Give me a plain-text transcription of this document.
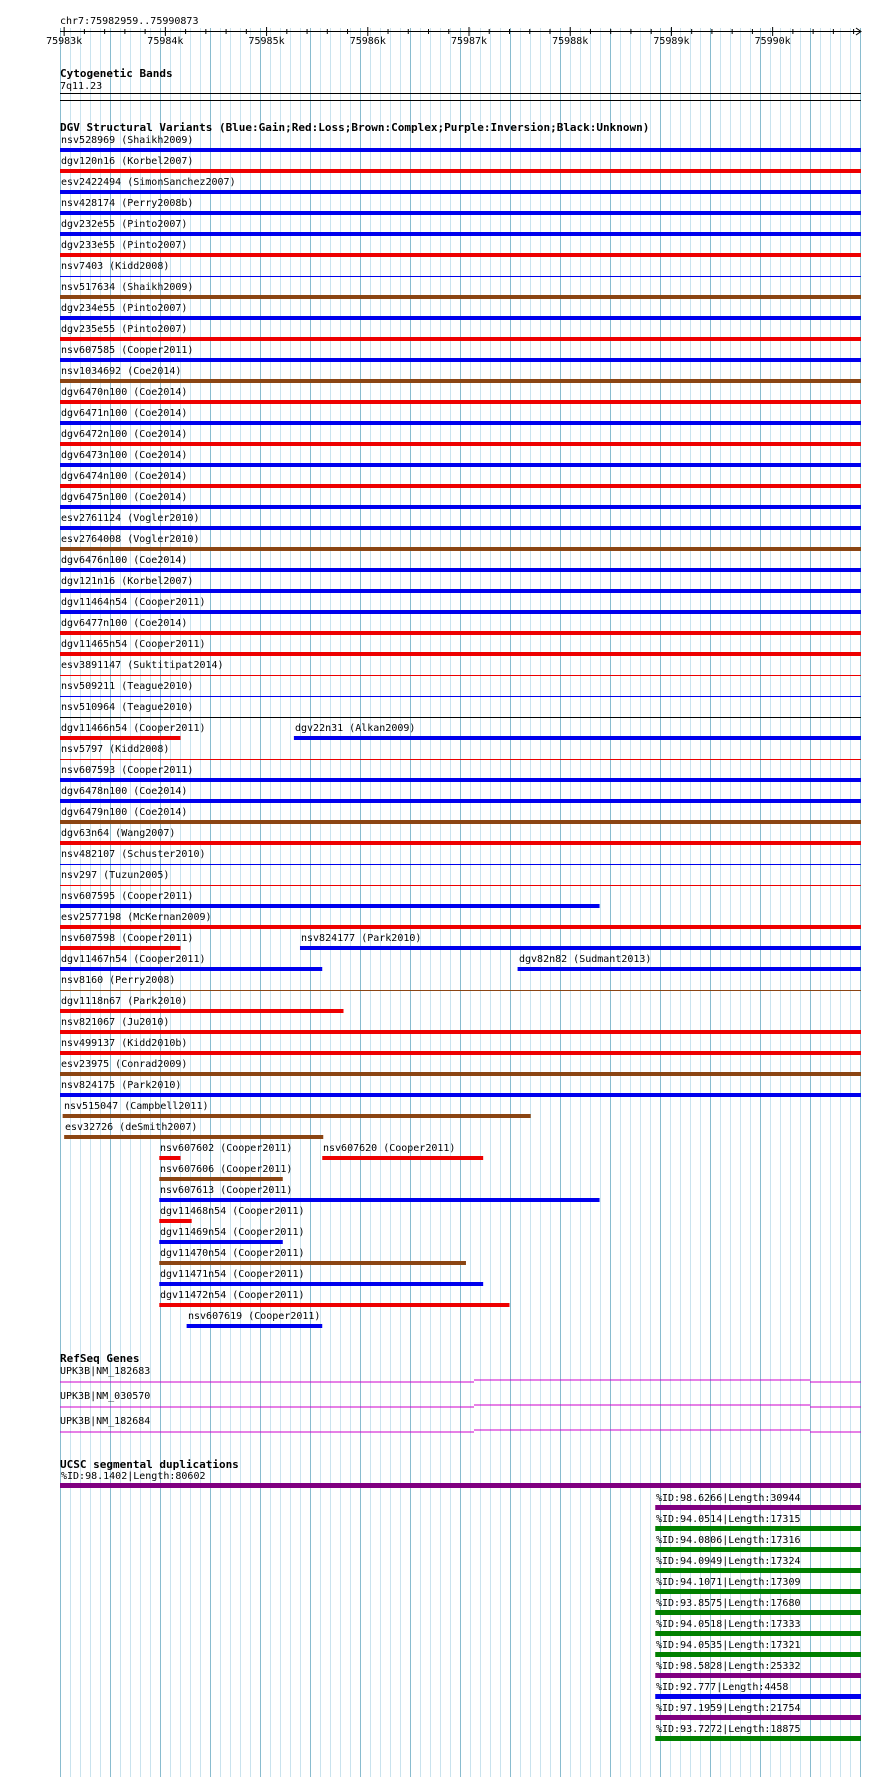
chr7:75982959..75990873
75983k	75984k	75985k	75986k	75987k	75988k	75989k	75990k
Cytogenetic Bands
7q11.23
DGV Structural Variants (Blue:Gain;Red:Loss;Brown:Complex;Purple:Inversion;Black:Unknown)
nsv528969 (Shaikh2009)
dgv120n16 (Korbel2007)
esv2422494 (SimonSanchez2007)
nsv428174 (Perry2008b)
dgv232e55 (Pinto2007)
dgv233e55 (Pinto2007)
nsv7403 (Kidd2008)
nsv517634 (Shaikh2009)
dgv234e55 (Pinto2007)
dgv235e55 (Pinto2007)
nsv607585 (Cooper2011)
nsv1034692 (Coe2014)
dgv6470n100 (Coe2014)
dgv6471n100 (Coe2014)
dgv6472n100 (Coe2014)
dgv6473n100 (Coe2014)
dgv6474n100 (Coe2014)
dgv6475n100 (Coe2014)
esv2761124 (Vogler2010)
esv2764008 (Vogler2010)
dgv6476n100 (Coe2014)
dgv121n16 (Korbel2007)
dgv11464n54 (Cooper2011)
dgv6477n100 (Coe2014)
dgv11465n54 (Cooper2011)
esv3891147 (Suktitipat2014)
nsv509211 (Teague2010)
nsv510964 (Teague2010)
dgv11466n54 (Cooper2011)	dgv22n31 (Alkan2009)
nsv5797 (Kidd2008)
nsv607593 (Cooper2011)
dgv6478n100 (Coe2014)
dgv6479n100 (Coe2014)
dgv63n64 (Wang2007)
nsv482107 (Schuster2010)
nsv297 (Tuzun2005)
nsv607595 (Cooper2011)
esv2577198 (McKernan2009)
nsv607598 (Cooper2011)	nsv824177 (Park2010)
dgv11467n54 (Cooper2011)	dgv82n82 (Sudmant2013)
nsv8160 (Perry2008)
dgv1118n67 (Park2010)
nsv821067 (Ju2010)
nsv499137 (Kidd2010b)
esv23975 (Conrad2009)
nsv824175 (Park2010)
nsv515047 (Campbell2011)
esv32726 (deSmith2007)
nsv607602 (Cooper2011)	nsv607620 (Cooper2011)
nsv607606 (Cooper2011)
nsv607613 (Cooper2011)
dgv11468n54 (Cooper2011)
dgv11469n54 (Cooper2011)
dgv11470n54 (Cooper2011)
dgv11471n54 (Cooper2011)
dgv11472n54 (Cooper2011)
nsv607619 (Cooper2011)
RefSeq Genes
UPK3B|NM_182683
UPK3B|NM_030570
UPK3B|NM_182684
UCSC segmental duplications
%ID:98.1402|Length:80602
%ID:98.6266|Length:30944
%ID:94.0514|Length:17315
%ID:94.0806|Length:17316
%ID:94.0949|Length:17324
%ID:94.1071|Length:17309
%ID:93.8575|Length:17680
%ID:94.0518|Length:17333
%ID:94.0535|Length:17321
%ID:98.5828|Length:25332
%ID:92.777|Length:4458
%ID:97.1959|Length:21754
%ID:93.7272|Length:18875
